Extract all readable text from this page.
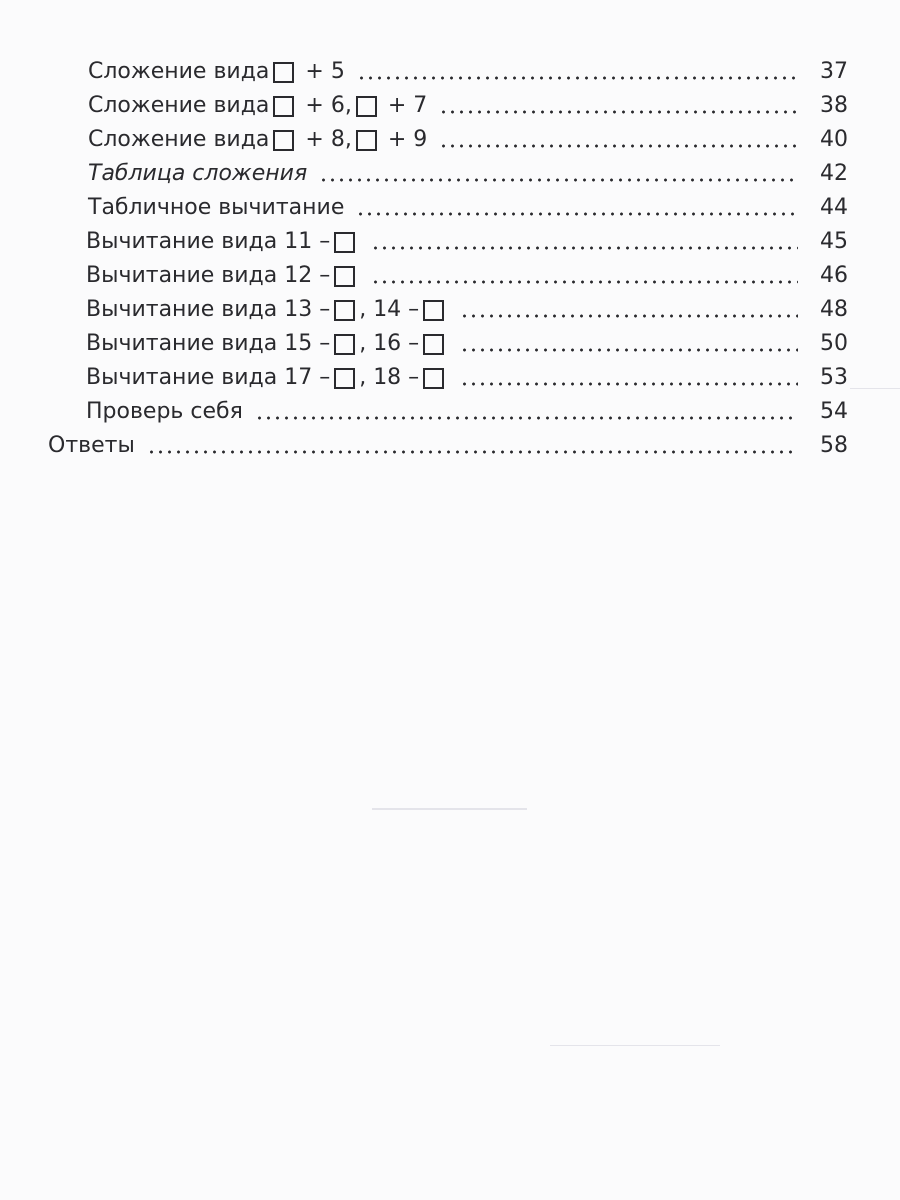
Сложение вида + 5	37
Сложение вида + 6, + 7	38
Сложение вида + 8, + 9	40
Таблица сложения	42
Табличное вычитание	44
Вычитание вида 11 –	45
Вычитание вида 12 –	46
Вычитание вида 13 – , 14 –	48
Вычитание вида 15 – , 16 –	50
Вычитание вида 17 – , 18 –	53
Проверь себя	54
Ответы	58
